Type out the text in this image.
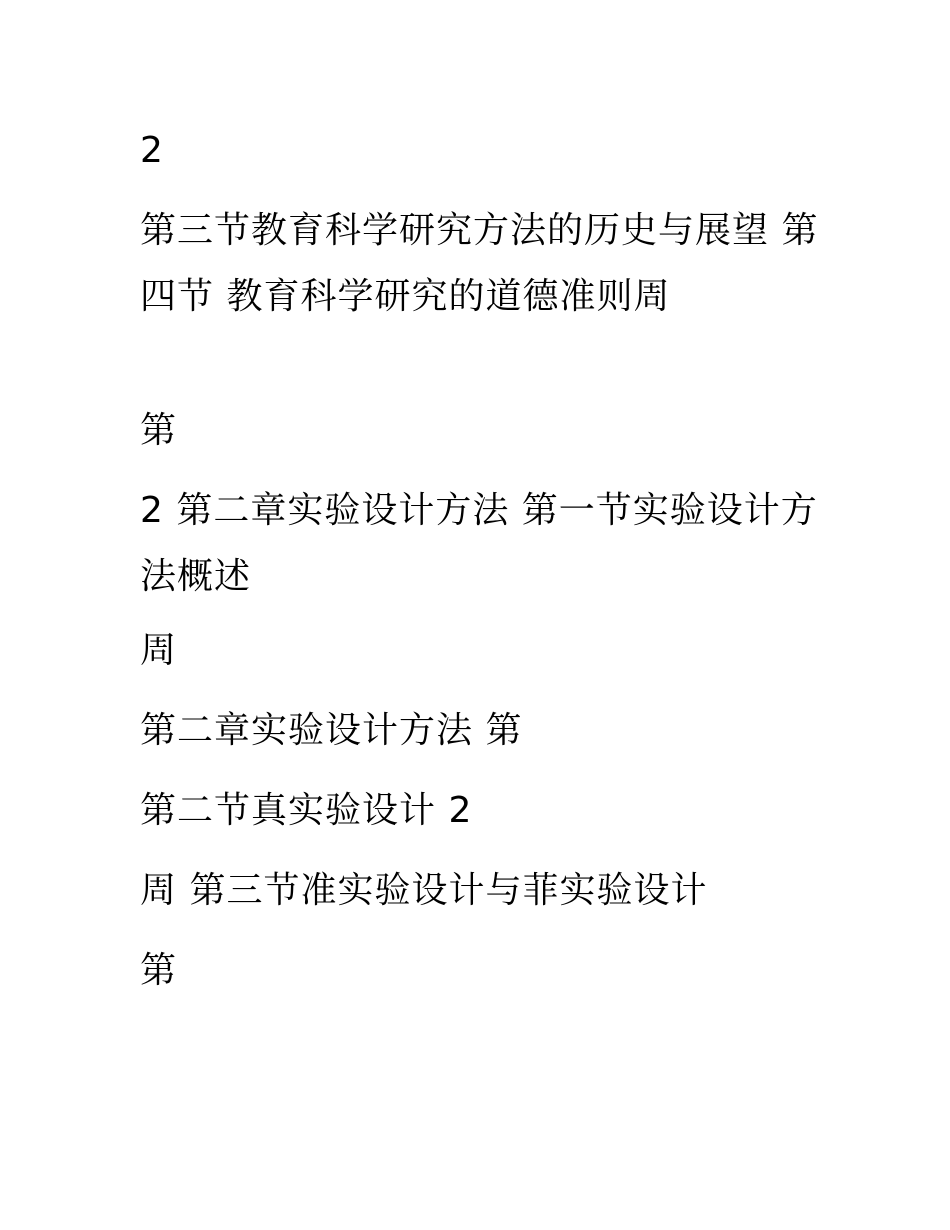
2

第三节教育科学研究方法的历史与展望 第四节 教育科学研究的道德准则周

第

2 第二章实验设计方法 第一节实验设计方法概述

周

第二章实验设计方法 第

第二节真实验设计 2

周 第三节准实验设计与菲实验设计

第
